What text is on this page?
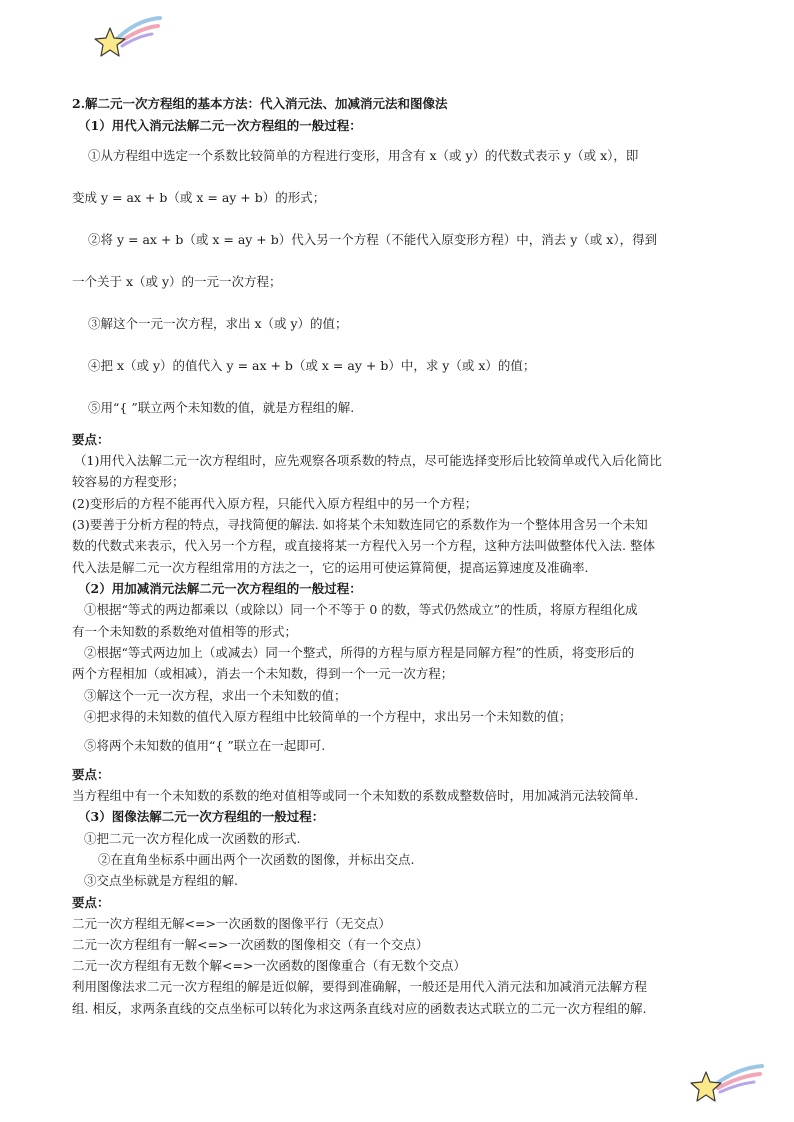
2.解二元一次方程组的基本方法：代入消元法、加减消元法和图像法
（1）用代入消元法解二元一次方程组的一般过程：
①从方程组中选定一个系数比较简单的方程进行变形，用含有 x（或 y）的代数式表示 y（或 x），即
变成 y = ax + b（或 x = ay + b）的形式；
②将 y = ax + b（或 x = ay + b）代入另一个方程（不能代入原变形方程）中，消去 y（或 x），得到
一个关于 x（或 y）的一元一次方程；
③解这个一元一次方程，求出 x（或 y）的值；
④把 x（或 y）的值代入 y = ax + b（或 x = ay + b）中，求 y（或 x）的值；
⑤用“{ ”联立两个未知数的值，就是方程组的解.
要点：
（1)用代入法解二元一次方程组时，应先观察各项系数的特点，尽可能选择变形后比较简单或代入后化简比
较容易的方程变形；
(2)变形后的方程不能再代入原方程，只能代入原方程组中的另一个方程；
(3)要善于分析方程的特点，寻找简便的解法. 如将某个未知数连同它的系数作为一个整体用含另一个未知
数的代数式来表示，代入另一个方程，或直接将某一方程代入另一个方程，这种方法叫做整体代入法. 整体
代入法是解二元一次方程组常用的方法之一，它的运用可使运算简便，提高运算速度及准确率.
（2）用加减消元法解二元一次方程组的一般过程：
①根据“等式的两边都乘以（或除以）同一个不等于 0 的数，等式仍然成立”的性质，将原方程组化成
有一个未知数的系数绝对值相等的形式；
②根据“等式两边加上（或减去）同一个整式，所得的方程与原方程是同解方程”的性质，将变形后的
两个方程相加（或相减），消去一个未知数，得到一个一元一次方程；
③解这个一元一次方程，求出一个未知数的值；
④把求得的未知数的值代入原方程组中比较简单的一个方程中，求出另一个未知数的值；
⑤将两个未知数的值用“{ ”联立在一起即可.
要点：
当方程组中有一个未知数的系数的绝对值相等或同一个未知数的系数成整数倍时，用加减消元法较简单.
（3）图像法解二元一次方程组的一般过程：
①把二元一次方程化成一次函数的形式.
②在直角坐标系中画出两个一次函数的图像，并标出交点.
③交点坐标就是方程组的解.
要点：
二元一次方程组无解<=>一次函数的图像平行（无交点）
二元一次方程组有一解<=>一次函数的图像相交（有一个交点）
二元一次方程组有无数个解<=>一次函数的图像重合（有无数个交点）
利用图像法求二元一次方程组的解是近似解，要得到准确解，一般还是用代入消元法和加减消元法解方程
组. 相反，求两条直线的交点坐标可以转化为求这两条直线对应的函数表达式联立的二元一次方程组的解.
